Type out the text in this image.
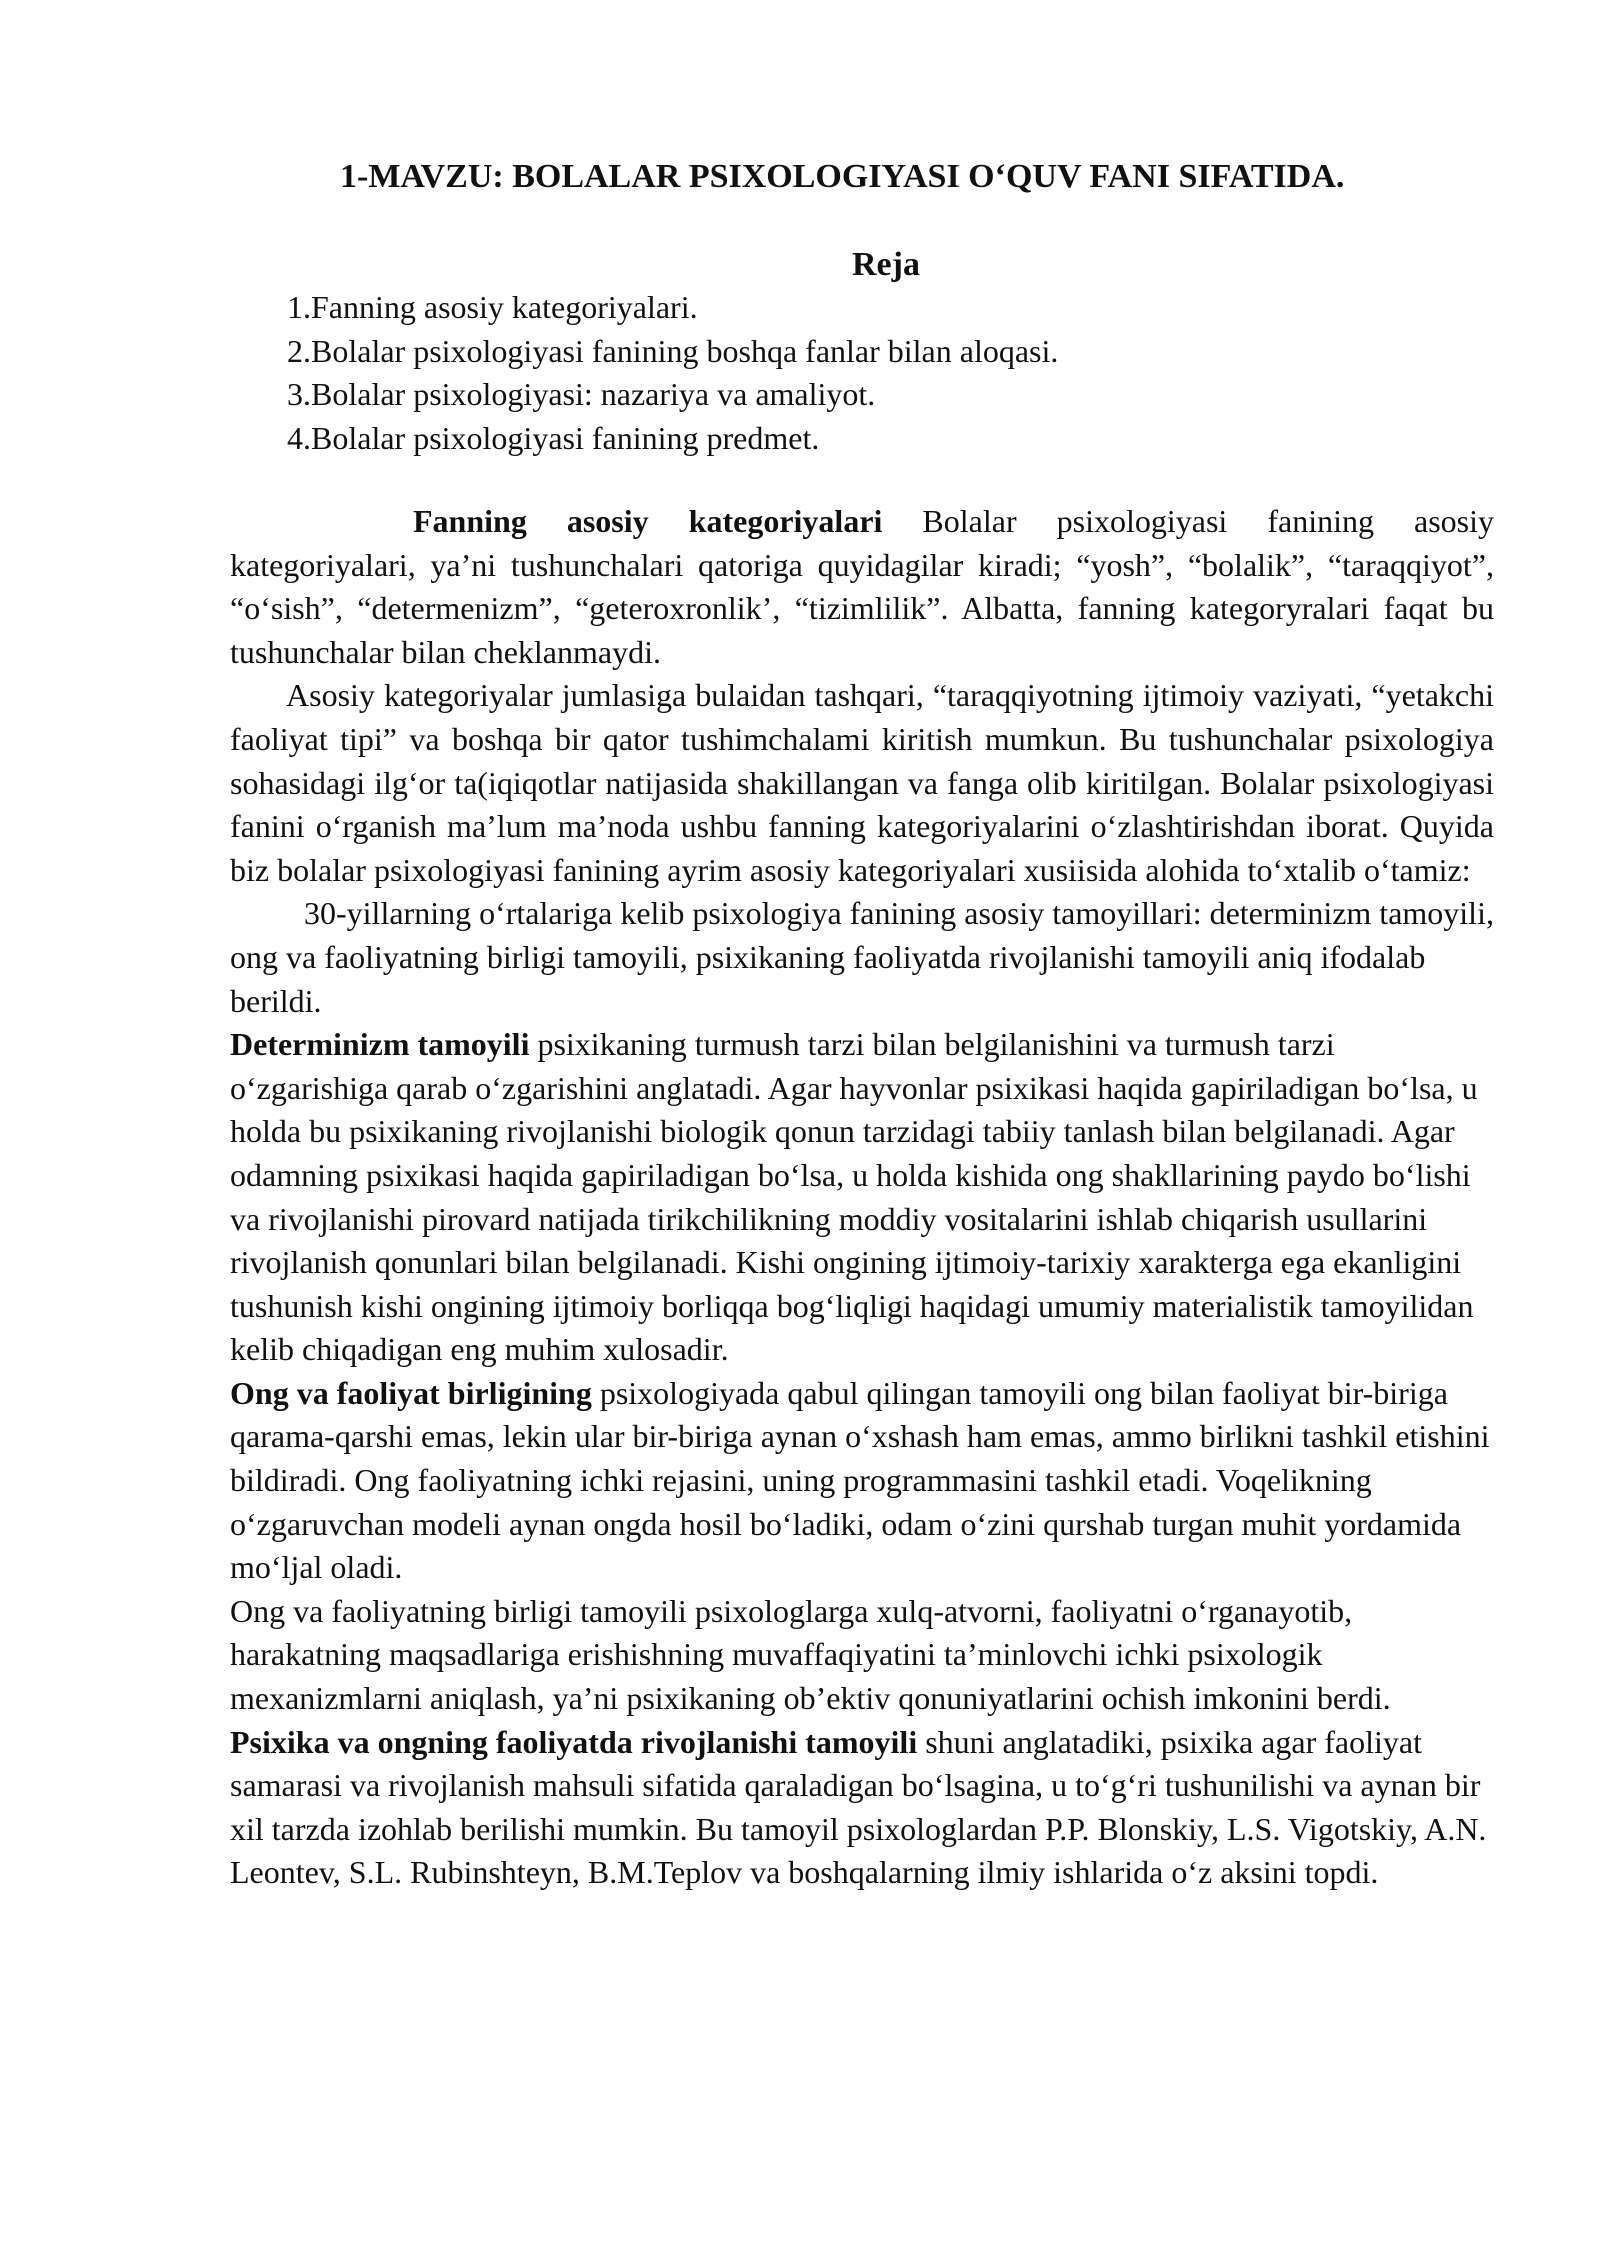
1-MAVZU: BOLALAR PSIXOLOGIYASI O‘QUV FANI SIFATIDA.
Reja
1.Fanning asosiy kategoriyalari.
2.Bolalar psixologiyasi fanining boshqa fanlar bilan aloqasi.
3.Bolalar psixologiyasi: nazariya va amaliyot.
4.Bolalar psixologiyasi fanining predmet.

Fanning asosiy kategoriyalari Bolalar psixologiyasi fanining asosiy kategoriyalari, ya’ni tushunchalari qatoriga quyidagilar kiradi; “yosh”, “bolalik”, “taraqqiyot”, “o‘sish”, “determenizm”, “geteroxronlik’, “tizimlilik”. Albatta, fanning kategoryralari faqat bu tushunchalar bilan cheklanmaydi.

Asosiy kategoriyalar jumlasiga bulaidan tashqari, “taraqqiyotning ijtimoiy vaziyati, “yetakchi faoliyat tipi” va boshqa bir qator tushimchalami kiritish mumkun. Bu tushunchalar psixologiya sohasidagi ilg‘or ta(iqiqotlar natijasida shakillangan va fanga olib kiritilgan. Bolalar psixologiyasi fanini o‘rganish ma’lum ma’noda ushbu fanning kategoriyalarini o‘zlashtirishdan iborat. Quyida biz bolalar psixologiyasi fanining ayrim asosiy kategoriyalari xusiisida alohida to‘xtalib o‘tamiz:

30-yillarning o‘rtalariga kelib psixologiya fanining asosiy tamoyillari: determinizm tamoyili, ong va faoliyatning birligi tamoyili, psixikaning faoliyatda rivojlanishi tamoyili aniq ifodalab berildi.

Determinizm tamoyili psixikaning turmush tarzi bilan belgilanishini va turmush tarzi o‘zgarishiga qarab o‘zgarishini anglatadi. Agar hayvonlar psixikasi haqida gapiriladigan bo‘lsa, u holda bu psixikaning rivojlanishi biologik qonun tarzidagi tabiiy tanlash bilan belgilanadi. Agar odamning psixikasi haqida gapiriladigan bo‘lsa, u holda kishida ong shakllarining paydo bo‘lishi va rivojlanishi pirovard natijada tirikchilikning moddiy vositalarini ishlab chiqarish usullarini rivojlanish qonunlari bilan belgilanadi. Kishi ongining ijtimoiy-tarixiy xarakterga ega ekanligini tushunish kishi ongining ijtimoiy borliqqa bog‘liqligi haqidagi umumiy materialistik tamoyilidan kelib chiqadigan eng muhim xulosadir.

Ong va faoliyat birligining psixologiyada qabul qilingan tamoyili ong bilan faoliyat bir-biriga qarama-qarshi emas, lekin ular bir-biriga aynan o‘xshash ham emas, ammo birlikni tashkil etishini bildiradi. Ong faoliyatning ichki rejasini, uning programmasini tashkil etadi. Voqelikning o‘zgaruvchan modeli aynan ongda hosil bo‘ladiki, odam o‘zini qurshab turgan muhit yordamida mo‘ljal oladi.

Ong va faoliyatning birligi tamoyili psixologlarga xulq-atvorni, faoliyatni o‘rganayotib, harakatning maqsadlariga erishishning muvaffaqiyatini ta’minlovchi ichki psixologik mexanizmlarni aniqlash, ya’ni psixikaning ob’ektiv qonuniyatlarini ochish imkonini berdi.

Psixika va ongning faoliyatda rivojlanishi tamoyili shuni anglatadiki, psixika agar faoliyat samarasi va rivojlanish mahsuli sifatida qaraladigan bo‘lsagina, u to‘g‘ri tushunilishi va aynan bir xil tarzda izohlab berilishi mumkin. Bu tamoyil psixologlardan P.P. Blonskiy, L.S. Vigotskiy, A.N. Leontev, S.L. Rubinshteyn, B.M.Teplov va boshqalarning ilmiy ishlarida o‘z aksini topdi.
